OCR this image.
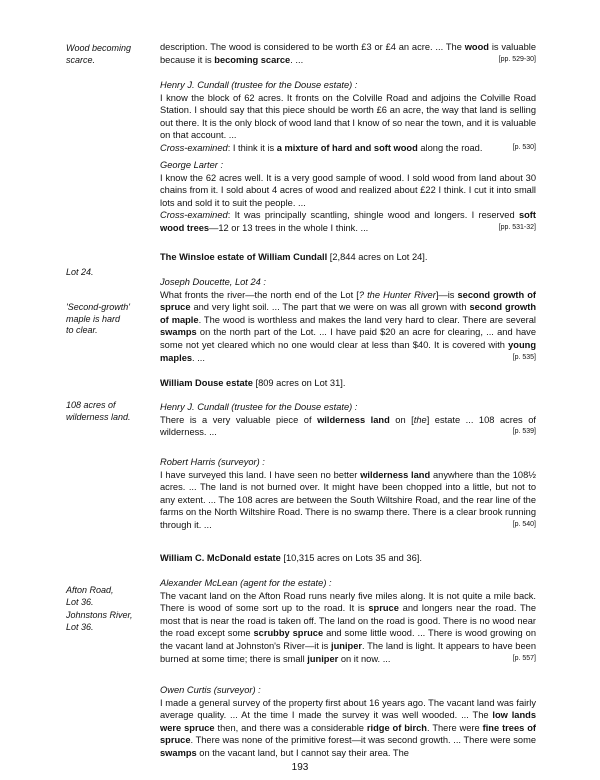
Wood becoming
scarce.
Lot 24.
'Second-growth'
maple is hard
to clear.
108 acres of
wilderness land.
Afton Road,
Lot 36.
Johnstons River,
Lot 36.

description. The wood is considered to be worth £3 or £4 an acre. ... The wood is valuable because it is becoming scarce. ...	[pp. 529-30]

Henry J. Cundall (trustee for the Douse estate) :

I know the block of 62 acres. It fronts on the Colville Road and adjoins the Colville Road Station. I should say that this piece should be worth £6 an acre, the way that land is selling out there. It is the only block of wood land that I know of so near the town, and it is valuable on that account. ...
Cross-examined: I think it is a mixture of hard and soft wood along the road.	[p. 530]

George Larter :

I know the 62 acres well. It is a very good sample of wood. I sold wood from land about 30 chains from it. I sold about 4 acres of wood and realized about £22 I think. I cut it into small lots and sold it to suit the people. ...
Cross-examined: It was principally scantling, shingle wood and longers. I reserved soft wood trees—12 or 13 trees in the whole I think. ...	[pp. 531-32]

The Winsloe estate of William Cundall [2,844 acres on Lot 24].

Joseph Doucette, Lot 24 :

What fronts the river—the north end of the Lot [? the Hunter River]—is second growth of spruce and very light soil. ... The part that we were on was all grown with second growth of maple. The wood is worthless and makes the land very hard to clear. There are several swamps on the north part of the Lot. ... I have paid $20 an acre for clearing, ... and have some not yet cleared which no one would clear at less than $40. It is covered with young maples. ...	[p. 535]

William Douse estate [809 acres on Lot 31].

Henry J. Cundall (trustee for the Douse estate) :

There is a very valuable piece of wilderness land on [the] estate ... 108 acres of wilderness. ...	[p. 539]

Robert Harris (surveyor) :

I have surveyed this land. I have seen no better wilderness land anywhere than the 108½ acres. ... The land is not burned over. It might have been chopped into a little, but not to any extent. ... The 108 acres are between the South Wiltshire Road, and the rear line of the farms on the North Wiltshire Road. There is no swamp there. There is a clear brook running through it. ...	[p. 540]

William C. McDonald estate [10,315 acres on Lots 35 and 36].

Alexander McLean (agent for the estate) :

The vacant land on the Afton Road runs nearly five miles along. It is not quite a mile back. There is wood of some sort up to the road. It is spruce and longers near the road. The most that is near the road is taken off. The land on the road is good. There is no wood near the road except some scrubby spruce and some little wood. ... There is wood growing on the vacant land at Johnston's River—it is juniper. The land is light. It appears to have been burned at some time; there is small juniper on it now. ...	[p. 557]

Owen Curtis (surveyor) :

I made a general survey of the property first about 16 years ago. The vacant land was fairly average quality. ... At the time I made the survey it was well wooded. ... The low lands were spruce then, and there was a considerable ridge of birch. There were fine trees of spruce. There was none of the primitive forest—it was second growth. ... There were some swamps on the vacant land, but I cannot say their area. The

193
